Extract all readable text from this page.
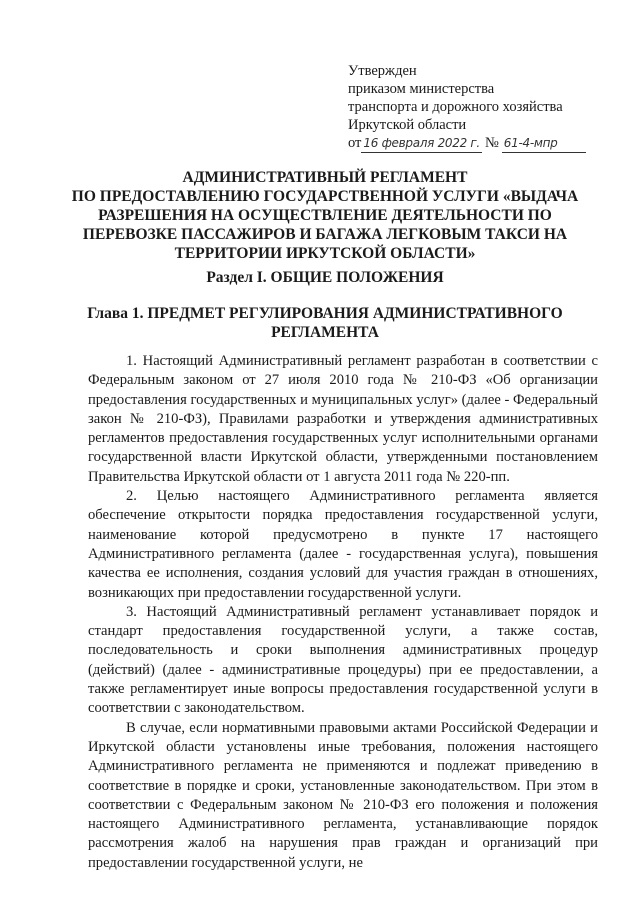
Утвержден
приказом министерства
транспорта и дорожного хозяйства
Иркутской области
от 16 февраля 2022 г. № 61-4-мпр
АДМИНИСТРАТИВНЫЙ РЕГЛАМЕНТ
ПО ПРЕДОСТАВЛЕНИЮ ГОСУДАРСТВЕННОЙ УСЛУГИ «ВЫДАЧА
РАЗРЕШЕНИЯ НА ОСУЩЕСТВЛЕНИЕ ДЕЯТЕЛЬНОСТИ ПО
ПЕРЕВОЗКЕ ПАССАЖИРОВ И БАГАЖА ЛЕГКОВЫМ ТАКСИ НА
ТЕРРИТОРИИ ИРКУТСКОЙ ОБЛАСТИ»
Раздел I. ОБЩИЕ ПОЛОЖЕНИЯ
Глава 1. ПРЕДМЕТ РЕГУЛИРОВАНИЯ АДМИНИСТРАТИВНОГО
РЕГЛАМЕНТА

1. Настоящий Административный регламент разработан в соответствии с Федеральным законом от 27 июля 2010 года № 210-ФЗ «Об организации предоставления государственных и муниципальных услуг» (далее - Федеральный закон № 210-ФЗ), Правилами разработки и утверждения административных регламентов предоставления государственных услуг исполнительными органами государственной власти Иркутской области, утвержденными постановлением Правительства Иркутской области от 1 августа 2011 года № 220-пп.

2. Целью настоящего Административного регламента является обеспечение открытости порядка предоставления государственной услуги, наименование которой предусмотрено в пункте 17 настоящего Административного регламента (далее - государственная услуга), повышения качества ее исполнения, создания условий для участия граждан в отношениях, возникающих при предоставлении государственной услуги.

3. Настоящий Административный регламент устанавливает порядок и стандарт предоставления государственной услуги, а также состав, последовательность и сроки выполнения административных процедур (действий) (далее - административные процедуры) при ее предоставлении, а также регламентирует иные вопросы предоставления государственной услуги в соответствии с законодательством.

В случае, если нормативными правовыми актами Российской Федерации и Иркутской области установлены иные требования, положения настоящего Административного регламента не применяются и подлежат приведению в соответствие в порядке и сроки, установленные законодательством. При этом в соответствии с Федеральным законом № 210-ФЗ его положения и положения настоящего Административного регламента, устанавливающие порядок рассмотрения жалоб на нарушения прав граждан и организаций при предоставлении государственной услуги, не
